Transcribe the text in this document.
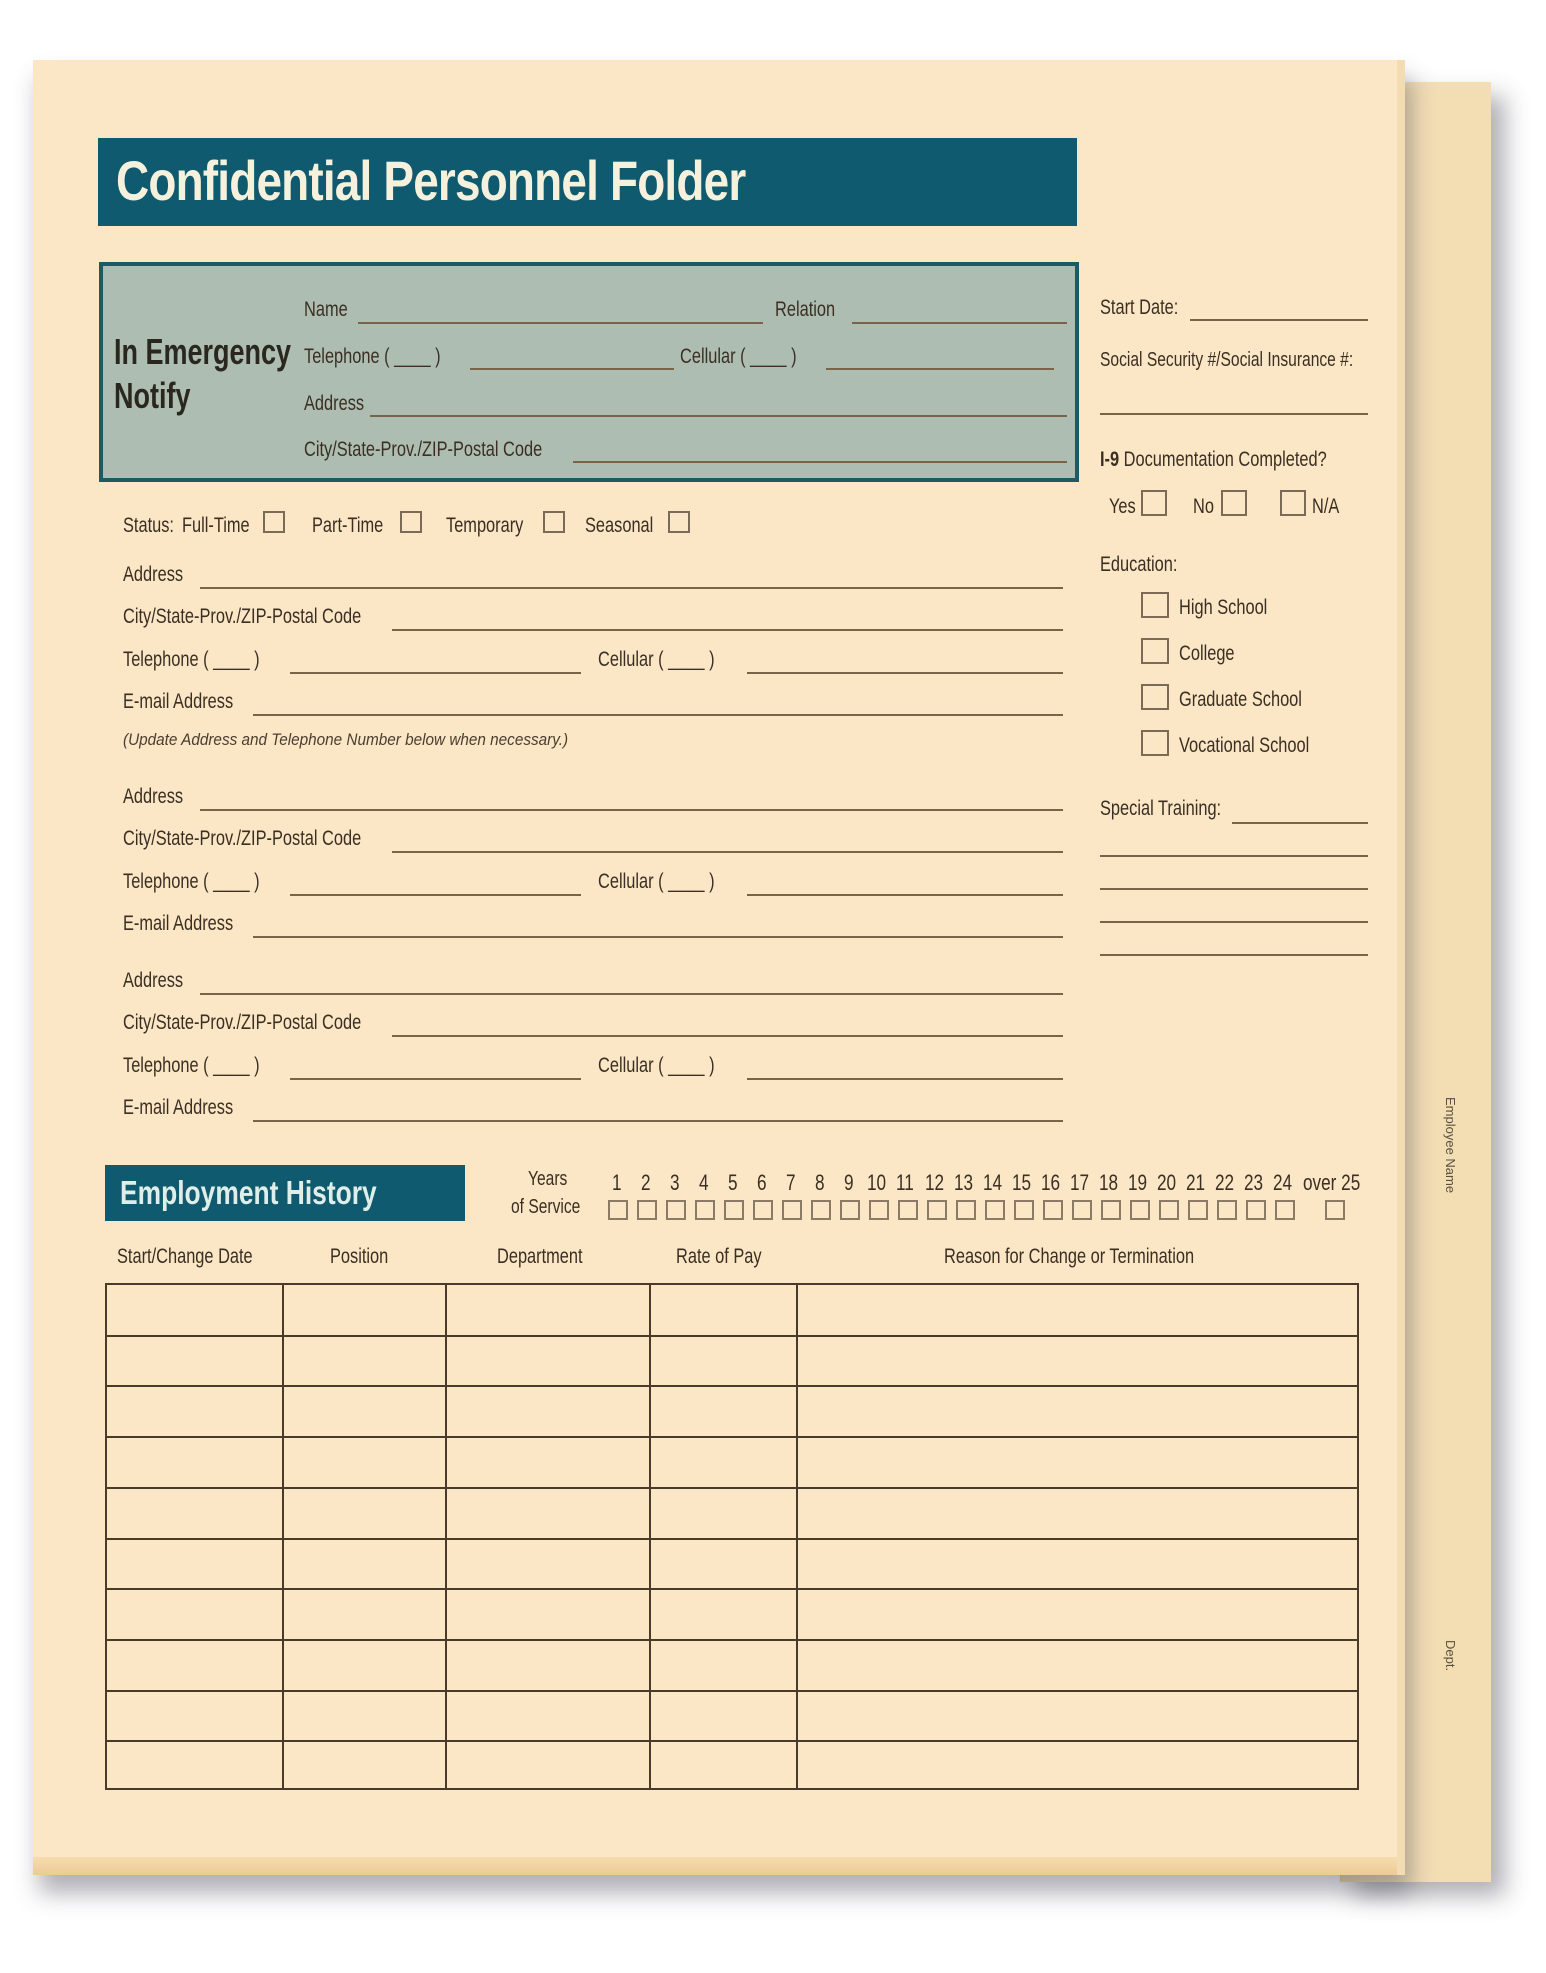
Employee Name
Dept.
Confidential Personnel Folder
In Emergency
Notify
Name	Relation
Telephone ( ____ )	Cellular ( ____ )
Address
City/State-Prov./ZIP-Postal Code
Status: Full-Time	Part-Time	Temporary	Seasonal
Address
City/State-Prov./ZIP-Postal Code
Telephone ( ____ )	Cellular ( ____ )
E-mail Address
(Update Address and Telephone Number below when necessary.)
Address
City/State-Prov./ZIP-Postal Code
Telephone ( ____ )	Cellular ( ____ )
E-mail Address
Address
City/State-Prov./ZIP-Postal Code
Telephone ( ____ )	Cellular ( ____ )
E-mail Address
Start Date:
Social Security #/Social Insurance #:
I-9 Documentation Completed?
Yes	No	N/A
Education:
High School
College
Graduate School
Vocational School
Special Training:
Employment History	Years
of Service
1 2 3 4 5 6 7 8 9 10 11 12 13 14 15 16 17 18 19 20 21 22 23 24 over 25
Start/Change Date	Position	Department	Rate of Pay	Reason for Change or Termination
